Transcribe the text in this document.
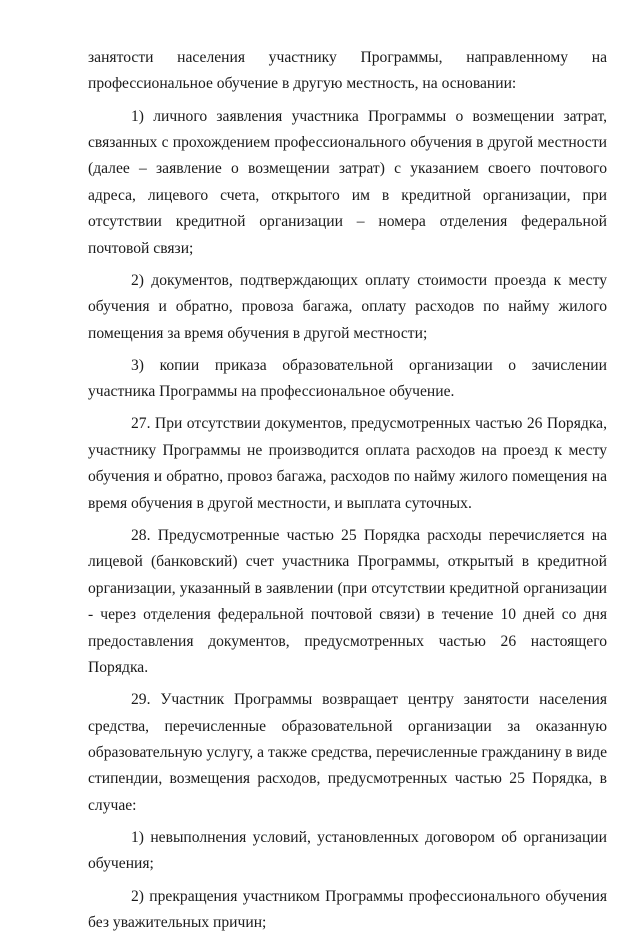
занятости населения участнику Программы, направленному на профессиональное обучение в другую местность, на основании:

1) личного заявления участника Программы о возмещении затрат, связанных с прохождением профессионального обучения в другой местности (далее – заявление о возмещении затрат) с указанием своего почтового адреса, лицевого счета, открытого им в кредитной организации, при отсутствии кредитной организации – номера отделения федеральной почтовой связи;

2) документов, подтверждающих оплату стоимости проезда к месту обучения и обратно, провоза багажа, оплату расходов по найму жилого помещения за время обучения в другой местности;

3) копии приказа образовательной организации о зачислении участника Программы на профессиональное обучение.

27. При отсутствии документов, предусмотренных частью 26 Порядка, участнику Программы не производится оплата расходов на проезд к месту обучения и обратно, провоз багажа, расходов по найму жилого помещения на время обучения в другой местности, и выплата суточных.

28. Предусмотренные частью 25 Порядка расходы перечисляется на лицевой (банковский) счет участника Программы, открытый в кредитной организации, указанный в заявлении (при отсутствии кредитной организации - через отделения федеральной почтовой связи) в течение 10 дней со дня предоставления документов, предусмотренных частью 26 настоящего Порядка.

29. Участник Программы возвращает центру занятости населения средства, перечисленные образовательной организации за оказанную образовательную услугу, а также средства, перечисленные гражданину в виде стипендии, возмещения расходов, предусмотренных частью 25 Порядка, в случае:

1) невыполнения условий, установленных договором об организации обучения;

2) прекращения участником Программы профессионального обучения без уважительных причин;
